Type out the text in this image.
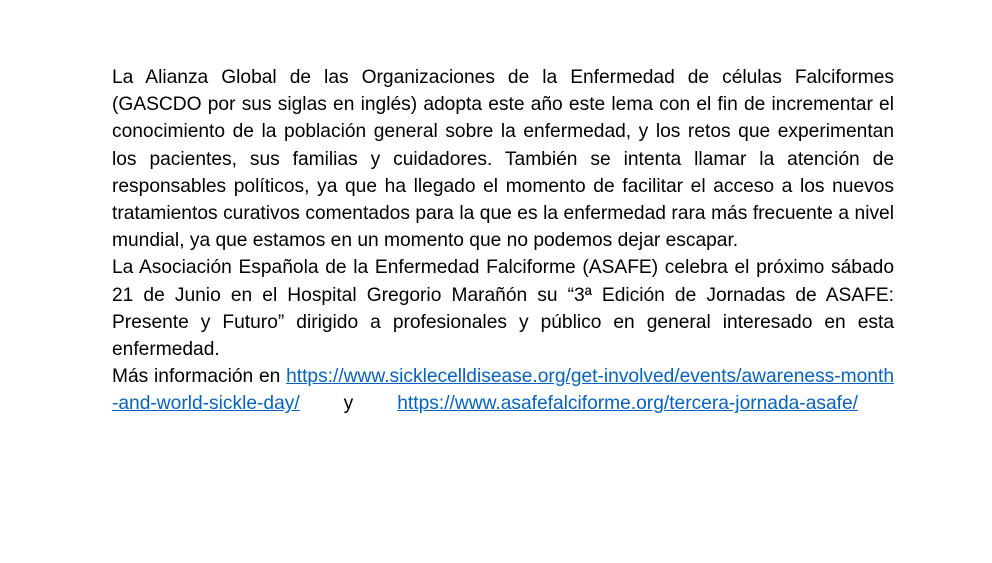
La Alianza Global de las Organizaciones de la Enfermedad de células Falciformes (GASCDO por sus siglas en inglés) adopta este año este lema con el fin de incrementar el conocimiento de la población general sobre la enfermedad, y los retos que experimentan los pacientes, sus familias y cuidadores. También se intenta llamar la atención de responsables políticos, ya que ha llegado el momento de facilitar el acceso a los nuevos tratamientos curativos comentados para la que es la enfermedad rara más frecuente a nivel mundial, ya que estamos en un momento que no podemos dejar escapar.

La Asociación Española de la Enfermedad Falciforme (ASAFE) celebra el próximo sábado 21 de Junio en el Hospital Gregorio Marañón su “3ª Edición de Jornadas de ASAFE: Presente y Futuro” dirigido a profesionales y público en general interesado en esta enfermedad.

Más información en https://www.sicklecelldisease.org/get-involved/events/awareness-month-and-world-sickle-day/ y https://www.asafefalciforme.org/tercera-jornada-asafe/
